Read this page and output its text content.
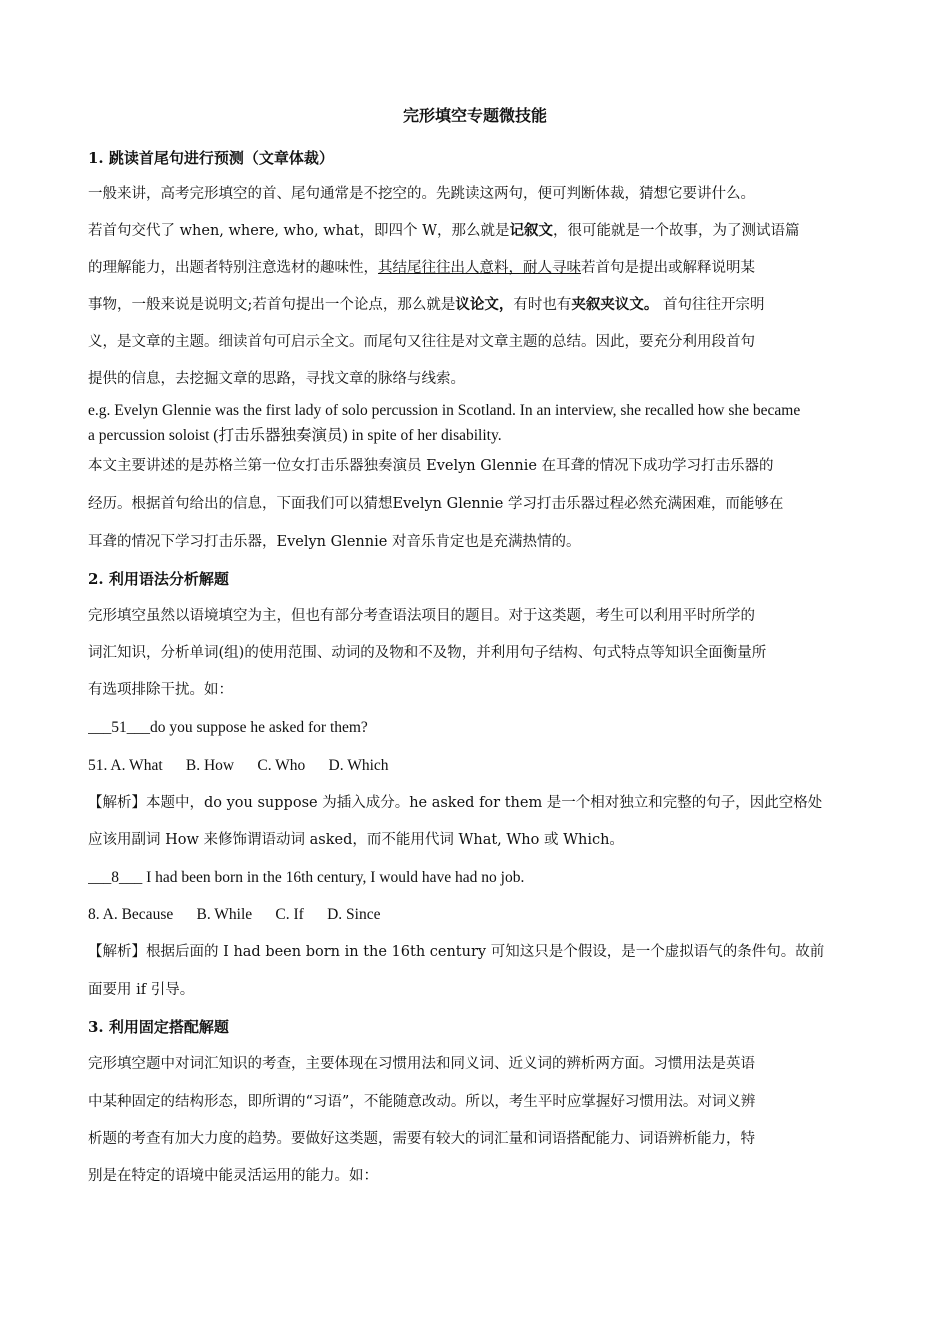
完形填空专题微技能
1. 跳读首尾句进行预测（文章体裁）
一般来讲，高考完形填空的首、尾句通常是不挖空的。先跳读这两句，便可判断体裁，猜想它要讲什么。
若首句交代了 when, where, who, what，即四个 W，那么就是记叙文，很可能就是一个故事，为了测试语篇
的理解能力，出题者特别注意选材的趣味性，其结尾往往出人意料，耐人寻味若首句是提出或解释说明某
事物，一般来说是说明文;若首句提出一个论点，那么就是议论文，有时也有夹叙夹议文。 首句往往开宗明
义，是文章的主题。细读首句可启示全文。而尾句又往往是对文章主题的总结。因此，要充分利用段首句
提供的信息，去挖掘文章的思路，寻找文章的脉络与线索。
e.g. Evelyn Glennie was the first lady of solo percussion in Scotland. In an interview, she recalled how she became
a percussion soloist (打击乐器独奏演员) in spite of her disability.
本文主要讲述的是苏格兰第一位女打击乐器独奏演员 Evelyn Glennie 在耳聋的情况下成功学习打击乐器的
经历。根据首句给出的信息，下面我们可以猜想Evelyn Glennie 学习打击乐器过程必然充满困难，而能够在
耳聋的情况下学习打击乐器，Evelyn Glennie 对音乐肯定也是充满热情的。
2. 利用语法分析解题
完形填空虽然以语境填空为主，但也有部分考查语法项目的题目。对于这类题，考生可以利用平时所学的
词汇知识，分析单词(组)的使用范围、动词的及物和不及物，并利用句子结构、句式特点等知识全面衡量所
有选项排除干扰。如：
___51___do you suppose he asked for them?
51. A. What      B. How      C. Who      D. Which
【解析】本题中，do you suppose 为插入成分。he asked for them 是一个相对独立和完整的句子，因此空格处
应该用副词 How 来修饰谓语动词 asked，而不能用代词 What, Who 或 Which。
___8___ I had been born in the 16th century, I would have had no job.
8. A. Because      B. While      C. If      D. Since
【解析】根据后面的 I had been born in the 16th century 可知这只是个假设，是一个虚拟语气的条件句。故前
面要用 if 引导。
3. 利用固定搭配解题
完形填空题中对词汇知识的考查，主要体现在习惯用法和同义词、近义词的辨析两方面。习惯用法是英语
中某种固定的结构形态，即所谓的“习语”，不能随意改动。所以，考生平时应掌握好习惯用法。对词义辨
析题的考查有加大力度的趋势。要做好这类题，需要有较大的词汇量和词语搭配能力、词语辨析能力，特
别是在特定的语境中能灵活运用的能力。如：
